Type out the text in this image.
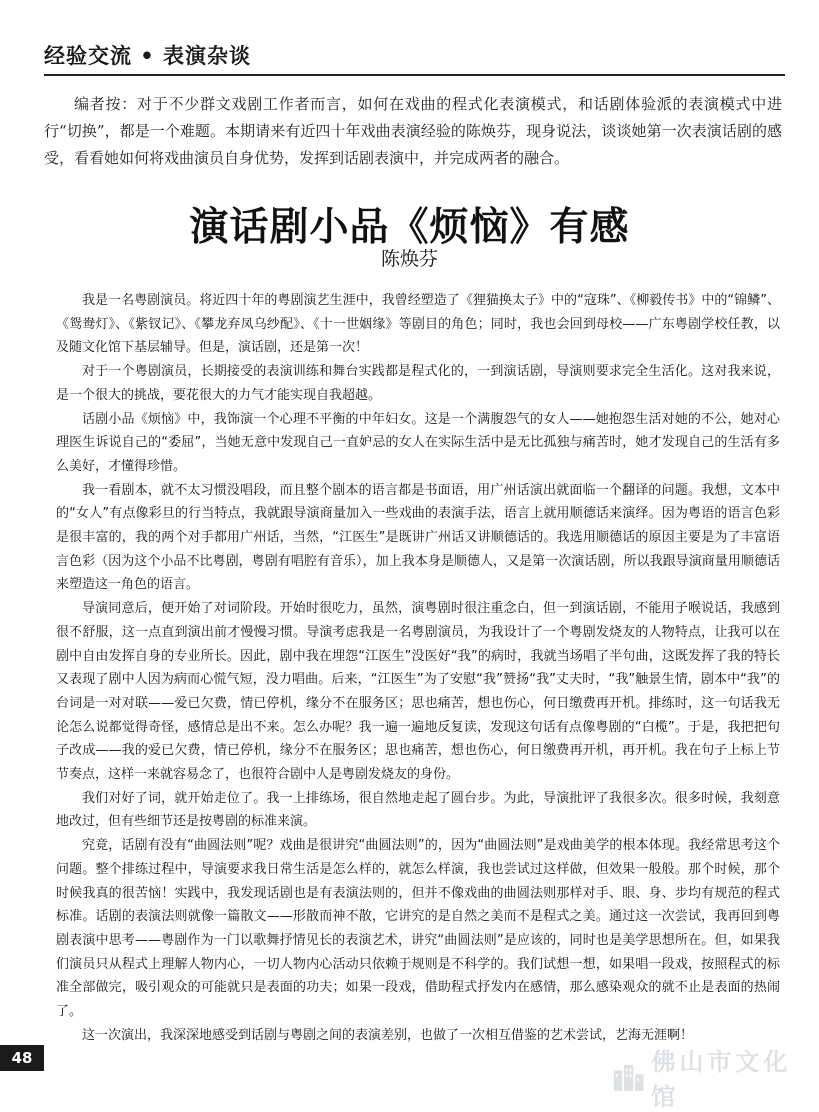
经验交流 • 表演杂谈
编者按：对于不少群文戏剧工作者而言，如何在戏曲的程式化表演模式，和话剧体验派的表演模式中进行“切换”，都是一个难题。本期请来有近四十年戏曲表演经验的陈焕芬，现身说法，谈谈她第一次表演话剧的感受，看看她如何将戏曲演员自身优势，发挥到话剧表演中，并完成两者的融合。
演话剧小品《烦恼》有感
陈焕芬

我是一名粤剧演员。将近四十年的粤剧演艺生涯中，我曾经塑造了《狸猫换太子》中的“寇珠”、《柳毅传书》中的“锦鳞”、《鸳鸯灯》、《紫钗记》、《攀龙弃凤乌纱配》、《十一世姻缘》等剧目的角色；同时，我也会回到母校——广东粤剧学校任教，以及随文化馆下基层辅导。但是，演话剧，还是第一次！

对于一个粤剧演员，长期接受的表演训练和舞台实践都是程式化的，一到演话剧，导演则要求完全生活化。这对我来说，是一个很大的挑战，要花很大的力气才能实现自我超越。

话剧小品《烦恼》中，我饰演一个心理不平衡的中年妇女。这是一个满腹怨气的女人——她抱怨生活对她的不公，她对心理医生诉说自己的“委屈”，当她无意中发现自己一直妒忌的女人在实际生活中是无比孤独与痛苦时，她才发现自己的生活有多么美好，才懂得珍惜。

我一看剧本，就不太习惯没唱段，而且整个剧本的语言都是书面语，用广州话演出就面临一个翻译的问题。我想，文本中的“女人”有点像彩旦的行当特点，我就跟导演商量加入一些戏曲的表演手法，语言上就用顺德话来演绎。因为粤语的语言色彩是很丰富的，我的两个对手都用广州话，当然，“江医生”是既讲广州话又讲顺德话的。我选用顺德话的原因主要是为了丰富语言色彩（因为这个小品不比粤剧，粤剧有唱腔有音乐），加上我本身是顺德人，又是第一次演话剧，所以我跟导演商量用顺德话来塑造这一角色的语言。

导演同意后，便开始了对词阶段。开始时很吃力，虽然，演粤剧时很注重念白，但一到演话剧，不能用子喉说话，我感到很不舒服，这一点直到演出前才慢慢习惯。导演考虑我是一名粤剧演员，为我设计了一个粤剧发烧友的人物特点，让我可以在剧中自由发挥自身的专业所长。因此，剧中我在埋怨“江医生”没医好“我”的病时，我就当场唱了半句曲，这既发挥了我的特长又表现了剧中人因为病而心慌气短，没力唱曲。后来，“江医生”为了安慰“我”赞扬“我”丈夫时，“我”触景生情，剧本中“我”的台词是一对对联——爱已欠费，情已停机，缘分不在服务区；思也痛苦，想也伤心，何日缴费再开机。排练时，这一句话我无论怎么说都觉得奇怪，感情总是出不来。怎么办呢？我一遍一遍地反复读，发现这句话有点像粤剧的“白榄”。于是，我把把句子改成——我的爱已欠费，情已停机，缘分不在服务区；思也痛苦，想也伤心，何日缴费再开机，再开机。我在句子上标上节节奏点，这样一来就容易念了，也很符合剧中人是粤剧发烧友的身份。

我们对好了词，就开始走位了。我一上排练场，很自然地走起了圆台步。为此，导演批评了我很多次。很多时候，我刻意地改过，但有些细节还是按粤剧的标准来演。

究竟，话剧有没有“曲圆法则”呢？戏曲是很讲究“曲圆法则”的，因为“曲圆法则”是戏曲美学的根本体现。我经常思考这个问题。整个排练过程中，导演要求我日常生活是怎么样的，就怎么样演，我也尝试过这样做，但效果一般般。那个时候，那个时候我真的很苦恼！实践中，我发现话剧也是有表演法则的，但并不像戏曲的曲圆法则那样对手、眼、身、步均有规范的程式标准。话剧的表演法则就像一篇散文——形散而神不散，它讲究的是自然之美而不是程式之美。通过这一次尝试，我再回到粤剧表演中思考——粤剧作为一门以歌舞抒情见长的表演艺术，讲究“曲圆法则”是应该的，同时也是美学思想所在。但，如果我们演员只从程式上理解人物内心，一切人物内心活动只依赖于规则是不科学的。我们试想一想，如果唱一段戏，按照程式的标准全部做完，吸引观众的可能就只是表面的功夫；如果一段戏，借助程式抒发内在感情，那么感染观众的就不止是表面的热闹了。

这一次演出，我深深地感受到话剧与粤剧之间的表演差别，也做了一次相互借鉴的艺术尝试，艺海无涯啊！

48	佛山市文化馆
